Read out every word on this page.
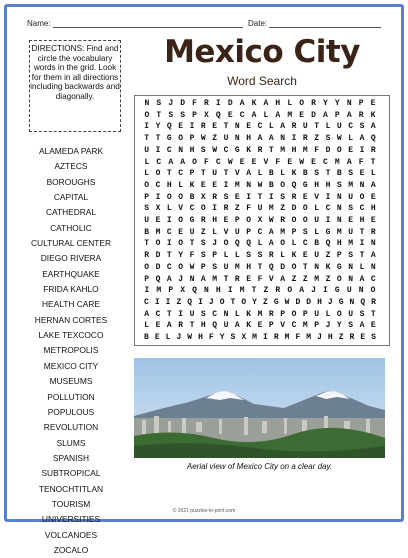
Name:	Date:
DIRECTIONS: Find and circle the vocabulary words in the grid. Look for them in all directions including backwards and diagonally.
Mexico City
Word Search
ALAMEDA PARK
AZTECS
BOROUGHS
CAPITAL
CATHEDRAL
CATHOLIC
CULTURAL CENTER
DIEGO RIVERA
EARTHQUAKE
FRIDA KAHLO
HEALTH CARE
HERNAN CORTES
LAKE TEXCOCO
METROPOLIS
MEXICO CITY
MUSEUMS
POLLUTION
POPULOUS
REVOLUTION
SLUMS
SPANISH
SUBTROPICAL
TENOCHTITLAN
TOURISM
UNIVERSITIES
VOLCANOES
ZOCALO
N S J D F R I D A K A H L O R Y Y N P E
O T S S P X Q E C A L A M E D A P A R K
I Y Q E I R E T N E C L A R U T L U C S A
T T G O P W Z U N H A A N I R Z S W L A Q
U I C N H S W C G K R T M H M F D O E I R
L C A A O F C W E E V F E W E C M A F T
L O T C P T U T V A L B L K B S T B S E L
O C H L K E E I M N W B O Q G H H S M N A
P I O O B X R S E I T I S R E V I N U O E
S X L V C O I R Z F U M Z D O L C N S C H
U E I O G R H E P O X W R O O U I N E H E
B M C E U Z L V U P C A M P S L G M U T R
T O I O T S J O Q Q L A O L C B Q H M I N
R D T Y F S P L L S S R L K E U Z P S T A
O D C O W P S U M H T Q D O T N K G N L N
P Q A J N A M T R E F V A Z Z M Z O N A C
I M P X Q N H I M T Z R O A J I G U N O
C I I Z Q I J O T O Y Z G W D D H J G N Q R
A C T I U S C N L K M R P O P U L O U S T
L E A R T H Q U A K E P V C M P J Y S A E
B E L J W H F Y S X M I R M F M J H Z R E S
Aerial view of Mexico City on a clear day.
© 2021 puzzles-to-print.com
